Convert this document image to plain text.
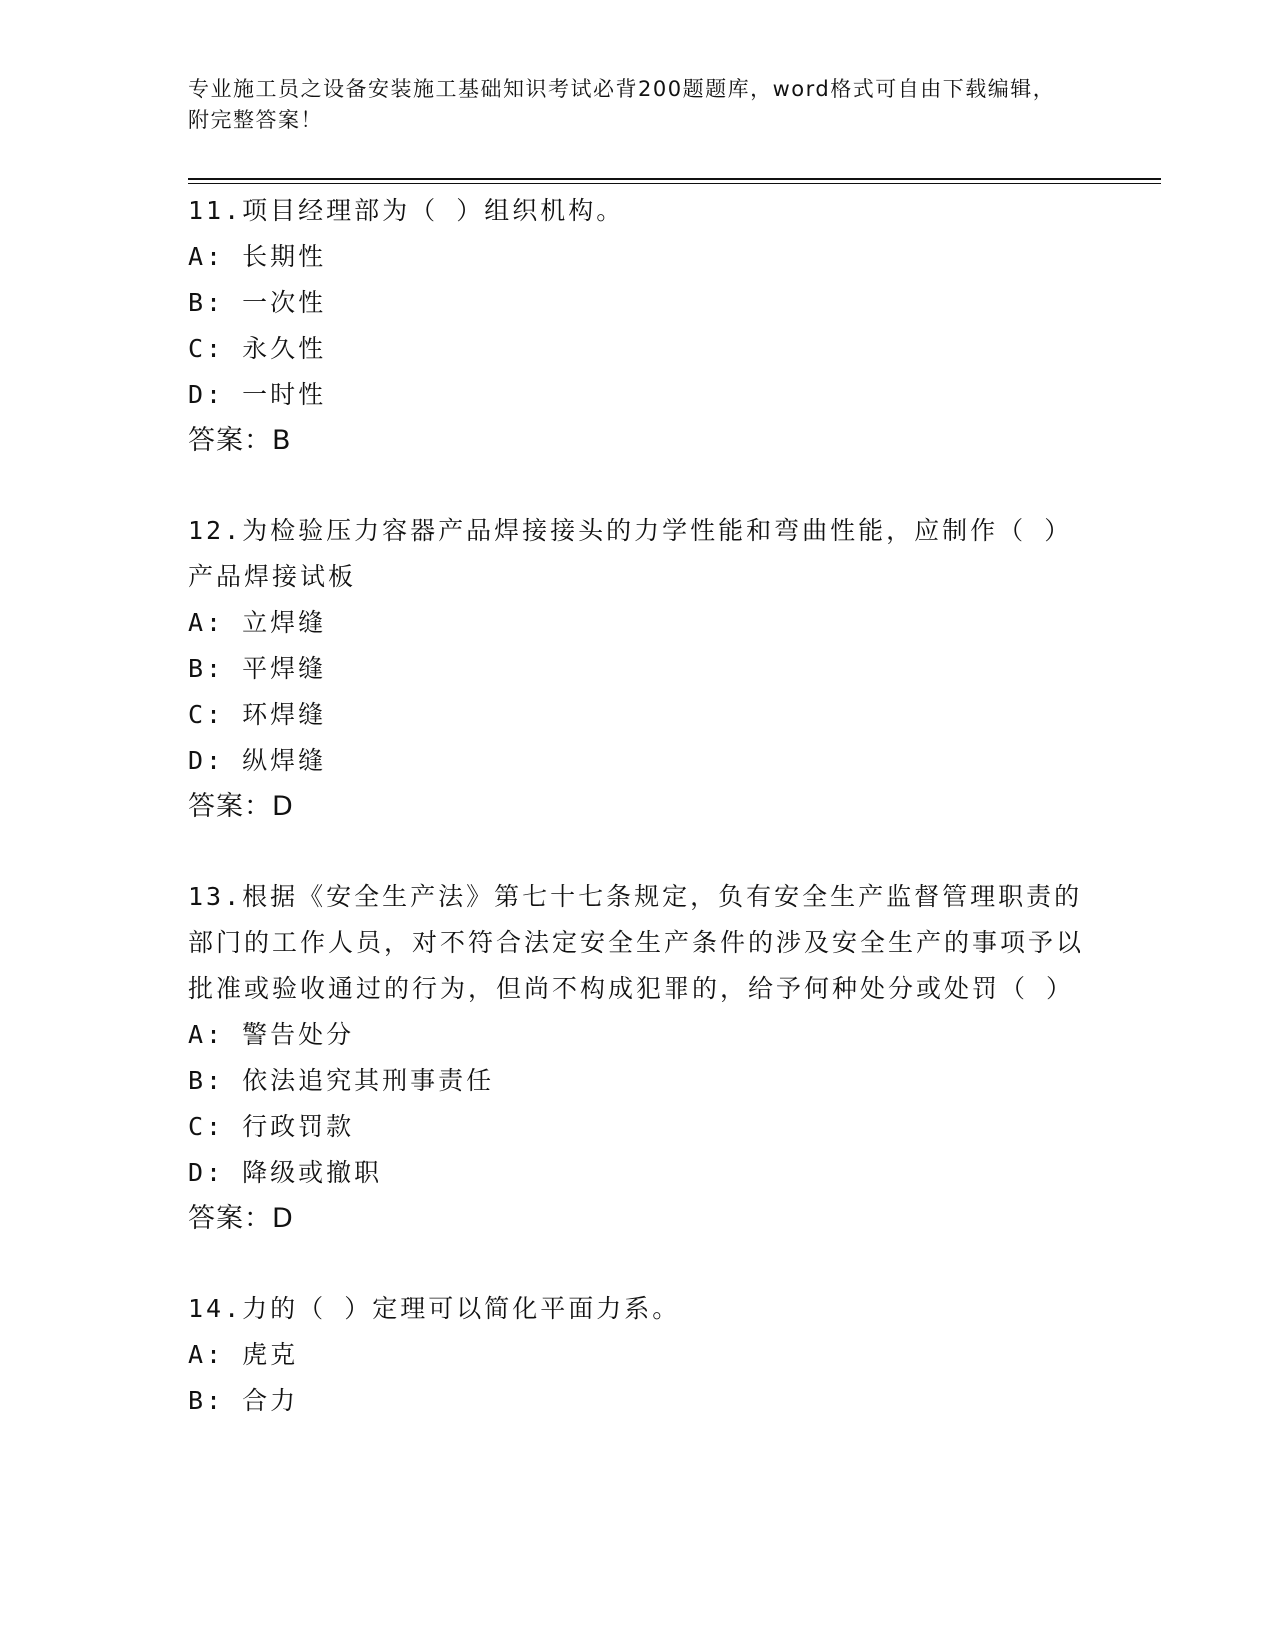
专业施工员之设备安装施工基础知识考试必背200题题库，word格式可自由下载编辑，附完整答案！
11.项目经理部为（ ）组织机构。
A: 长期性
B: 一次性
C: 永久性
D: 一时性
答案：B
12.为检验压力容器产品焊接接头的力学性能和弯曲性能，应制作（ ）产品焊接试板
A: 立焊缝
B: 平焊缝
C: 环焊缝
D: 纵焊缝
答案：D
13.根据《安全生产法》第七十七条规定，负有安全生产监督管理职责的部门的工作人员，对不符合法定安全生产条件的涉及安全生产的事项予以批准或验收通过的行为，但尚不构成犯罪的，给予何种处分或处罚（ ）
A: 警告处分
B: 依法追究其刑事责任
C: 行政罚款
D: 降级或撤职
答案：D
14.力的（ ）定理可以简化平面力系。
A: 虎克
B: 合力
